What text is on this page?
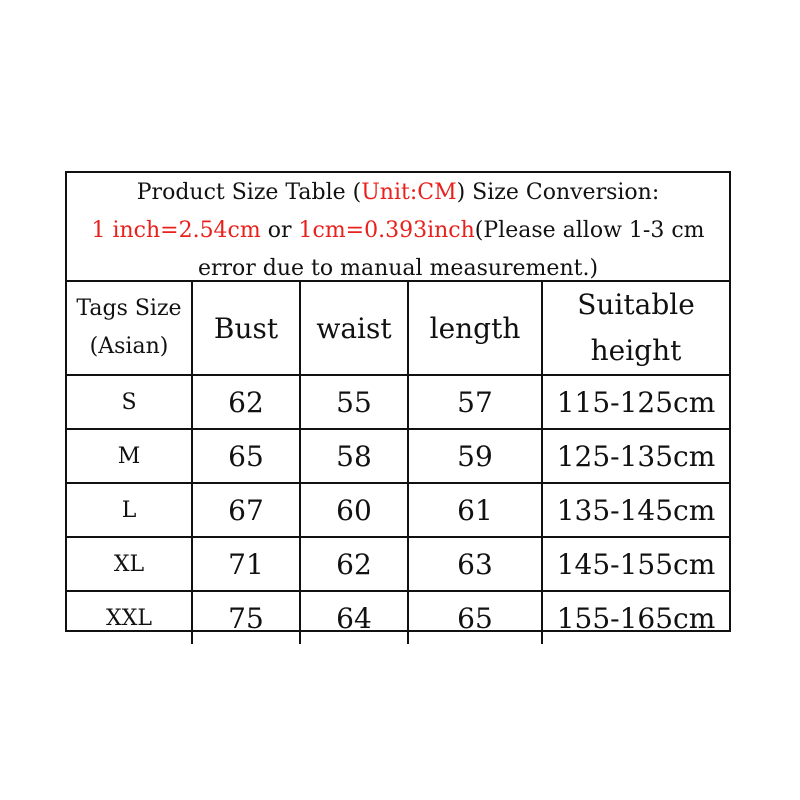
Product Size Table (Unit:CM) Size Conversion:
1 inch=2.54cm or 1cm=0.393inch(Please allow 1-3 cm
error due to manual measurement.)
Tags Size
(Asian)	Bust	waist	length	Suitable
height
S	62	55	57	115-125cm
M	65	58	59	125-135cm
L	67	60	61	135-145cm
XL	71	62	63	145-155cm
XXL	75	64	65	155-165cm
